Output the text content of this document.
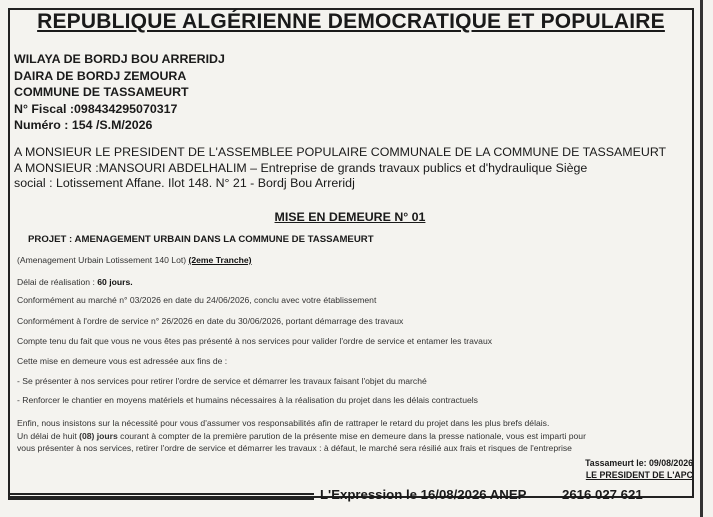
REPUBLIQUE ALGÉRIENNE DEMOCRATIQUE ET POPULAIRE
WILAYA DE BORDJ BOU ARRERIDJ
DAIRA DE BORDJ ZEMOURA
COMMUNE DE TASSAMEURT
N° Fiscal :098434295070317
Numéro : 154 /S.M/2026
A MONSIEUR LE PRESIDENT DE L'ASSEMBLEE POPULAIRE COMMUNALE DE LA COMMUNE DE TASSAMEURT
A MONSIEUR :MANSOURI ABDELHALIM – Entreprise de grands travaux publics et d'hydraulique Siège
social : Lotissement Affane. Ilot 148. N° 21 - Bordj Bou Arreridj
MISE EN DEMEURE N° 01
PROJET : AMENAGEMENT URBAIN DANS LA COMMUNE DE TASSAMEURT
(Amenagement Urbain Lotissement 140 Lot) (2eme Tranche)
Délai de réalisation : 60 jours.
Conformément au marché n° 03/2026 en date du 24/06/2026, conclu avec votre établissement
Conformément à l'ordre de service n° 26/2026 en date du 30/06/2026, portant démarrage des travaux
Compte tenu du fait que vous ne vous êtes pas présenté à nos services pour valider l'ordre de service et entamer les travaux
Cette mise en demeure vous est adressée aux fins de :
- Se présenter à nos services pour retirer l'ordre de service et démarrer les travaux faisant l'objet du marché
- Renforcer le chantier en moyens matériels et humains nécessaires à la réalisation du projet dans les délais contractuels
Enfin, nous insistons sur la nécessité pour vous d'assumer vos responsabilités afin de rattraper le retard du projet dans les plus brefs délais.
Un délai de huit (08) jours courant à compter de la première parution de la présente mise en demeure dans la presse nationale, vous est imparti pour
vous présenter à nos services, retirer l'ordre de service et démarrer les travaux : à défaut, le marché sera résilié aux frais et risques de l'entreprise
Tassameurt le: 09/08/2026
LE PRESIDENT DE L'APC
L'Expression le 16/08/2026 ANEP	2616 027 621
